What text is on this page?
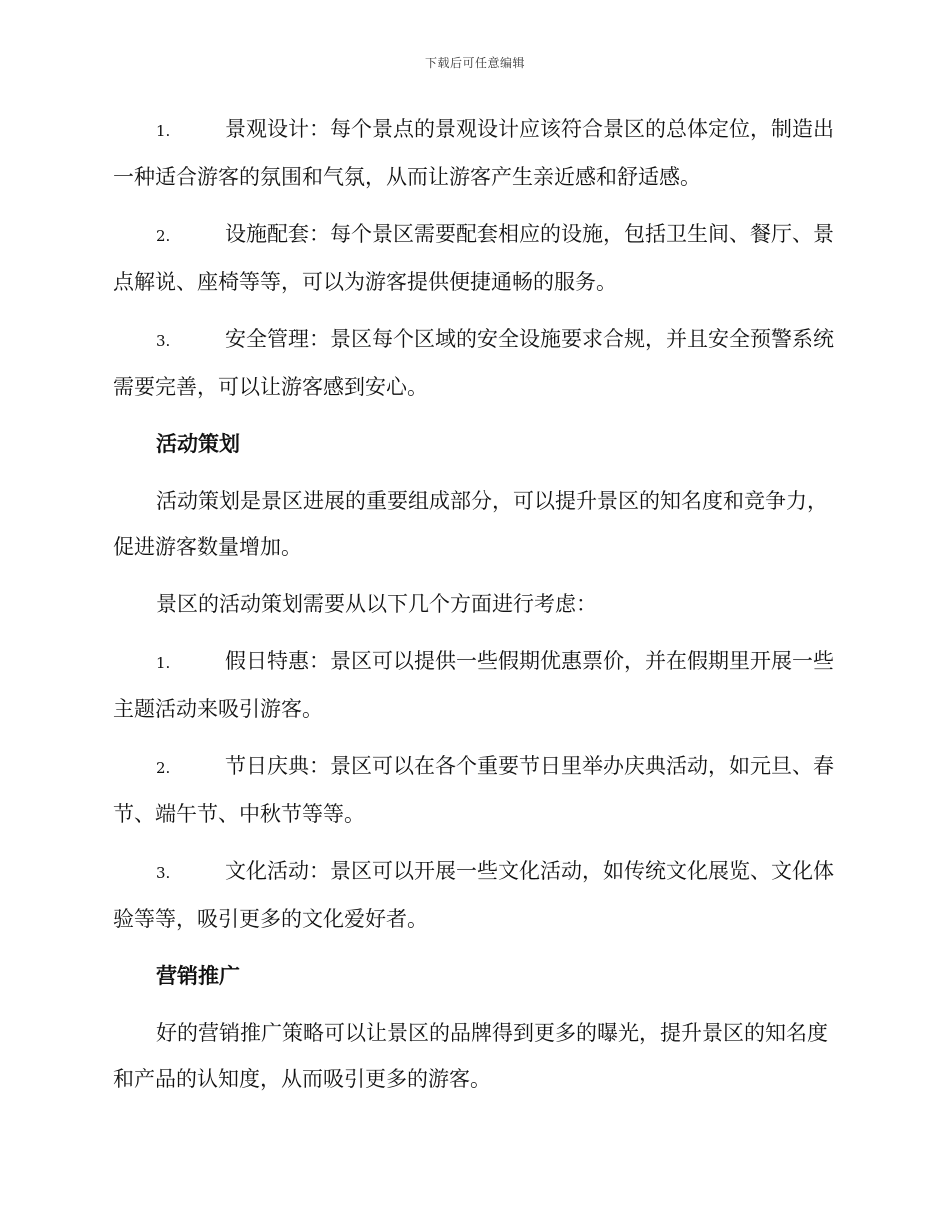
下载后可任意编辑

1.	景观设计：每个景点的景观设计应该符合景区的总体定位，制造出一种适合游客的氛围和气氛，从而让游客产生亲近感和舒适感。

2.	设施配套：每个景区需要配套相应的设施，包括卫生间、餐厅、景点解说、座椅等等，可以为游客提供便捷通畅的服务。

3.	安全管理：景区每个区域的安全设施要求合规，并且安全预警系统需要完善，可以让游客感到安心。

活动策划

活动策划是景区进展的重要组成部分，可以提升景区的知名度和竞争力，促进游客数量增加。

景区的活动策划需要从以下几个方面进行考虑：

1.	假日特惠：景区可以提供一些假期优惠票价，并在假期里开展一些主题活动来吸引游客。

2.	节日庆典：景区可以在各个重要节日里举办庆典活动，如元旦、春节、端午节、中秋节等等。

3.	文化活动：景区可以开展一些文化活动，如传统文化展览、文化体验等等，吸引更多的文化爱好者。

营销推广

好的营销推广策略可以让景区的品牌得到更多的曝光，提升景区的知名度和产品的认知度，从而吸引更多的游客。
